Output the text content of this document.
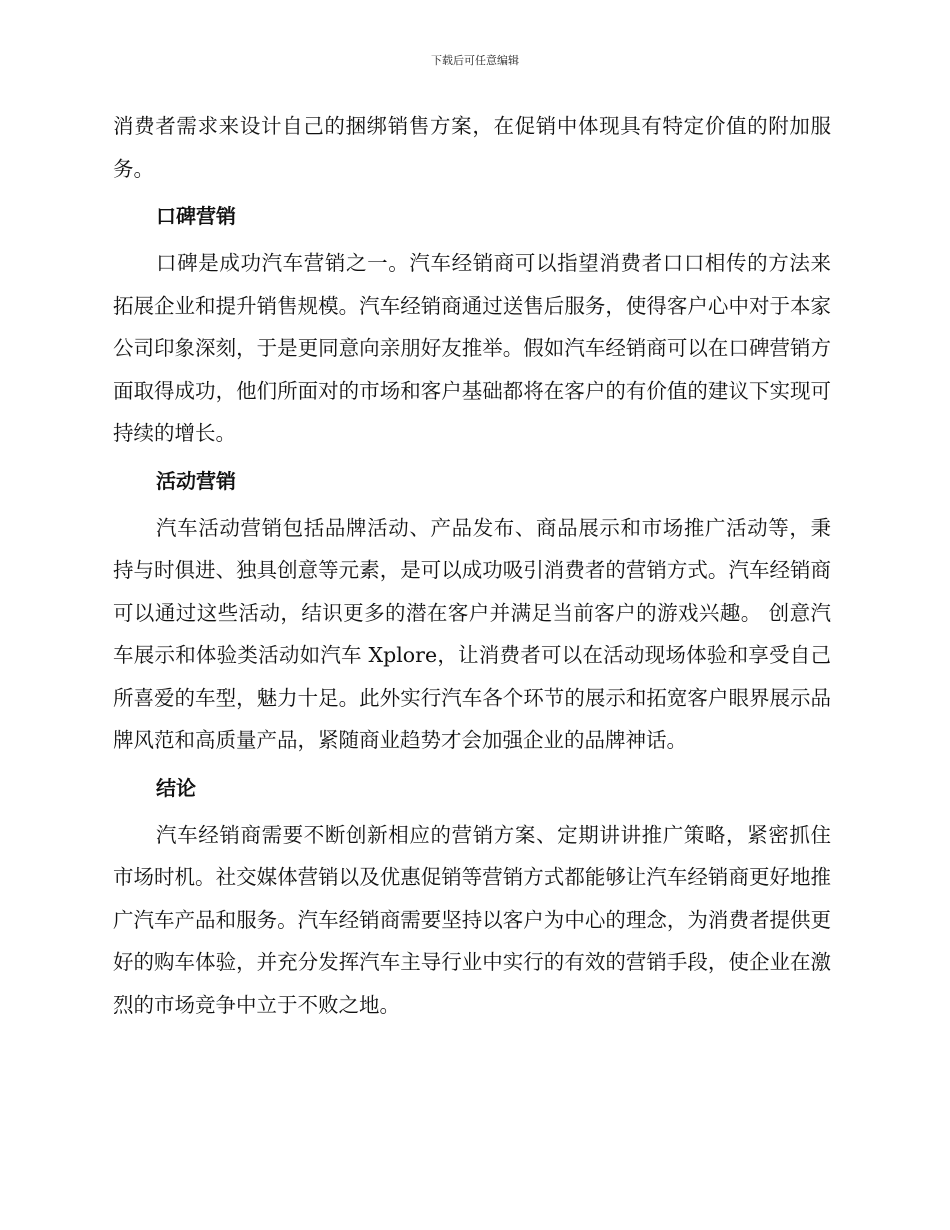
下载后可任意编辑

消费者需求来设计自己的捆绑销售方案，在促销中体现具有特定价值的附加服务。

口碑营销

口碑是成功汽车营销之一。汽车经销商可以指望消费者口口相传的方法来拓展企业和提升销售规模。汽车经销商通过送售后服务，使得客户心中对于本家公司印象深刻，于是更同意向亲朋好友推举。假如汽车经销商可以在口碑营销方面取得成功，他们所面对的市场和客户基础都将在客户的有价值的建议下实现可持续的增长。

活动营销

汽车活动营销包括品牌活动、产品发布、商品展示和市场推广活动等，秉持与时俱进、独具创意等元素，是可以成功吸引消费者的营销方式。汽车经销商可以通过这些活动，结识更多的潜在客户并满足当前客户的游戏兴趣。 创意汽车展示和体验类活动如汽车 Xplore，让消费者可以在活动现场体验和享受自己所喜爱的车型，魅力十足。此外实行汽车各个环节的展示和拓宽客户眼界展示品牌风范和高质量产品，紧随商业趋势才会加强企业的品牌神话。

结论

汽车经销商需要不断创新相应的营销方案、定期讲讲推广策略，紧密抓住市场时机。社交媒体营销以及优惠促销等营销方式都能够让汽车经销商更好地推广汽车产品和服务。汽车经销商需要坚持以客户为中心的理念，为消费者提供更好的购车体验，并充分发挥汽车主导行业中实行的有效的营销手段，使企业在激烈的市场竞争中立于不败之地。
